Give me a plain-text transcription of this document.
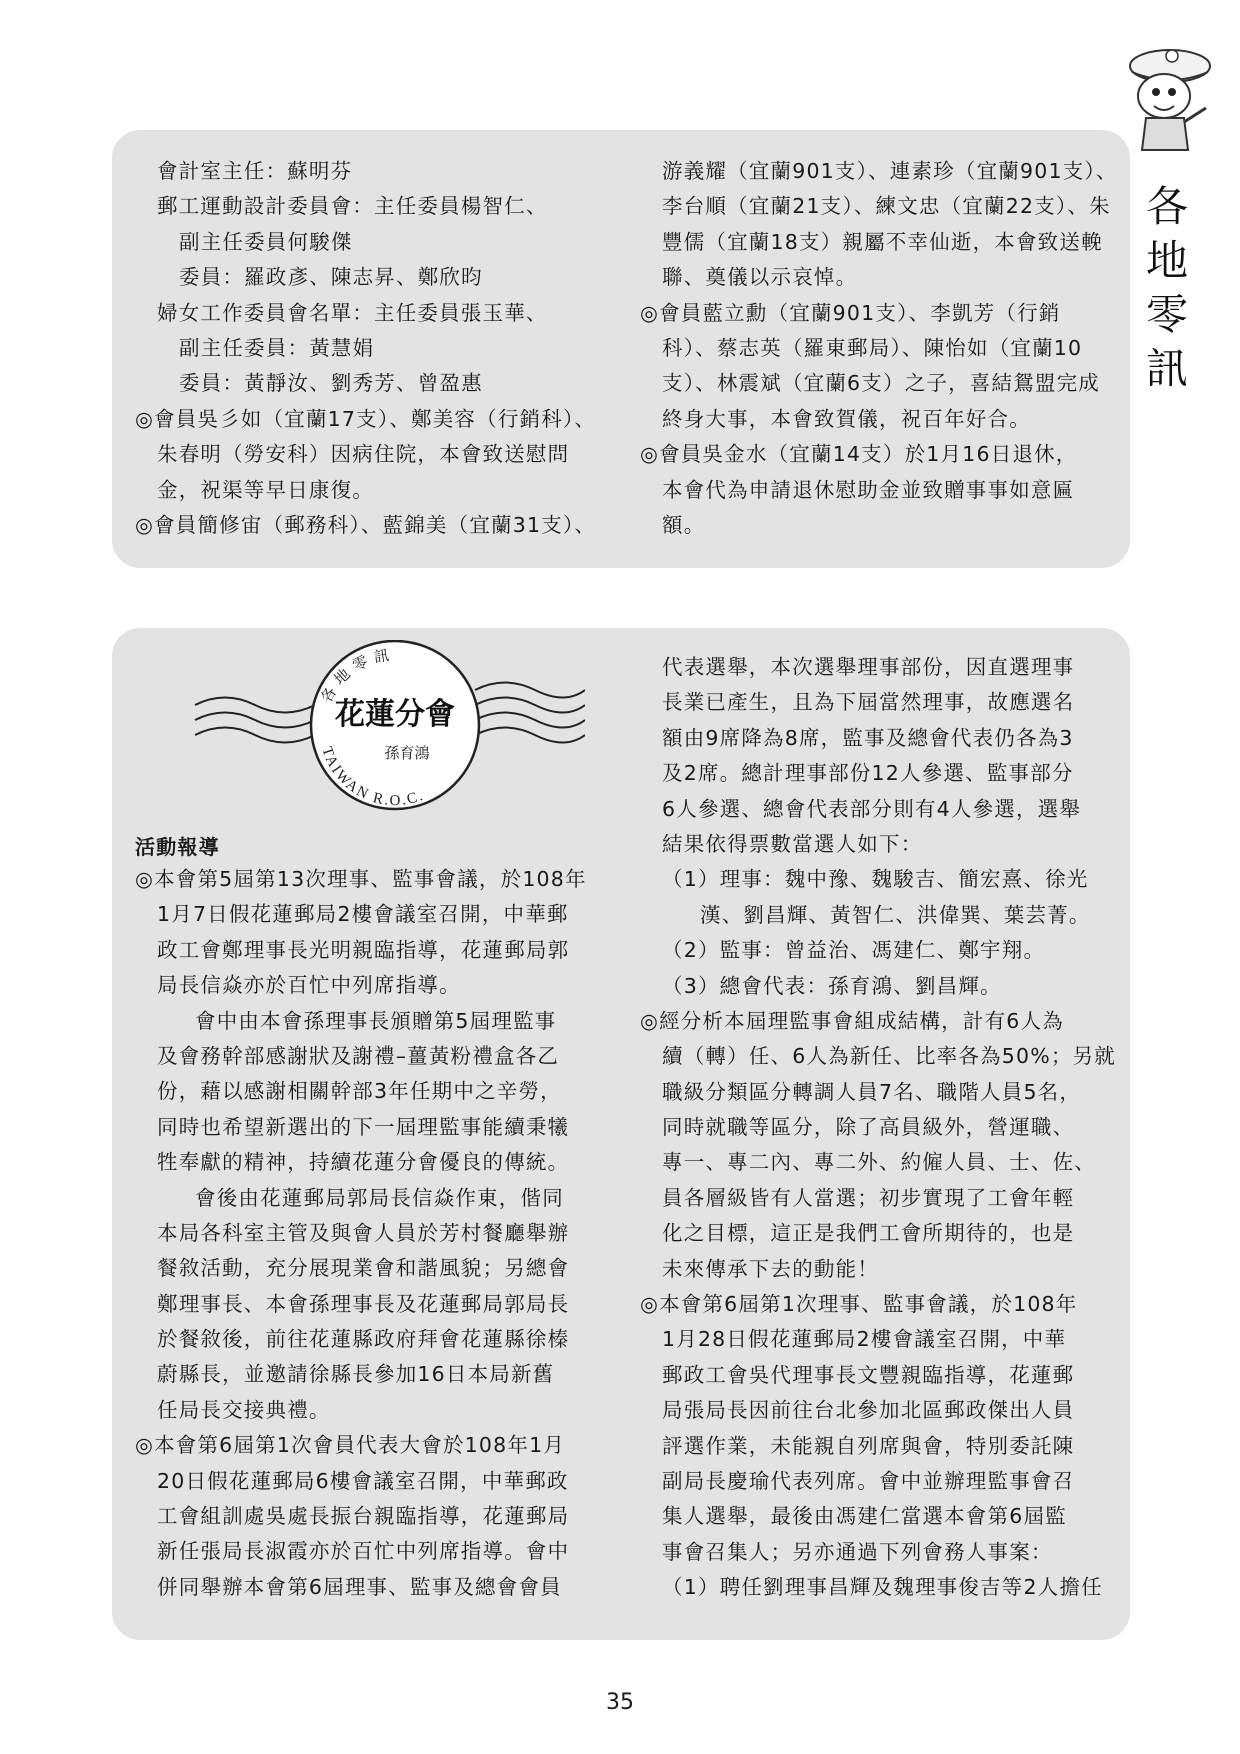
各
地
零
訊
會計室主任：蘇明芬
郵工運動設計委員會：主任委員楊智仁、
副主任委員何駿傑
委員：羅政彥、陳志昇、鄭欣昀
婦女工作委員會名單：主任委員張玉華、
副主任委員：黃慧娟
委員：黃靜汝、劉秀芳、曾盈惠
◎會員吳彡如（宜蘭17支）、鄭美容（行銷科）、
朱春明（勞安科）因病住院，本會致送慰問
金，祝渠等早日康復。
◎會員簡修宙（郵務科）、藍錦美（宜蘭31支）、
游義耀（宜蘭901支）、連素珍（宜蘭901支）、
李台順（宜蘭21支）、練文忠（宜蘭22支）、朱
豐儒（宜蘭18支）親屬不幸仙逝，本會致送輓
聯、奠儀以示哀悼。
◎會員藍立勳（宜蘭901支）、李凱芳（行銷
科）、蔡志英（羅東郵局）、陳怡如（宜蘭10
支）、林震斌（宜蘭6支）之子，喜結鴛盟完成
終身大事，本會致賀儀，祝百年好合。
◎會員吳金水（宜蘭14支）於1月16日退休，
本會代為申請退休慰助金並致贈事事如意匾
額。
各地零訊
花蓮分會
孫育鴻
TAIWAN R.O.C.
活動報導
◎本會第5屆第13次理事、監事會議，於108年
1月7日假花蓮郵局2樓會議室召開，中華郵
政工會鄭理事長光明親臨指導，花蓮郵局郭
局長信焱亦於百忙中列席指導。
會中由本會孫理事長頒贈第5屆理監事
及會務幹部感謝狀及謝禮–薑黃粉禮盒各乙
份，藉以感謝相關幹部3年任期中之辛勞，
同時也希望新選出的下一屆理監事能續秉犧
牲奉獻的精神，持續花蓮分會優良的傳統。
會後由花蓮郵局郭局長信焱作東，偕同
本局各科室主管及與會人員於芳村餐廳舉辦
餐敘活動，充分展現業會和諧風貌；另總會
鄭理事長、本會孫理事長及花蓮郵局郭局長
於餐敘後，前往花蓮縣政府拜會花蓮縣徐榛
蔚縣長，並邀請徐縣長參加16日本局新舊
任局長交接典禮。
◎本會第6屆第1次會員代表大會於108年1月
20日假花蓮郵局6樓會議室召開，中華郵政
工會組訓處吳處長振台親臨指導，花蓮郵局
新任張局長淑霞亦於百忙中列席指導。會中
併同舉辦本會第6屆理事、監事及總會會員
代表選舉，本次選舉理事部份，因直選理事
長業已產生，且為下屆當然理事，故應選名
額由9席降為8席，監事及總會代表仍各為3
及2席。總計理事部份12人參選、監事部分
6人參選、總會代表部分則有4人參選，選舉
結果依得票數當選人如下：
（1）理事：魏中豫、魏駿吉、簡宏熹、徐光
漢、劉昌輝、黃智仁、洪偉巽、葉芸菁。
（2）監事：曾益治、馮建仁、鄭宇翔。
（3）總會代表：孫育鴻、劉昌輝。
◎經分析本屆理監事會組成結構，計有6人為
續（轉）任、6人為新任、比率各為50%；另就
職級分類區分轉調人員7名、職階人員5名，
同時就職等區分，除了高員級外，營運職、
專一、專二內、專二外、約僱人員、士、佐、
員各層級皆有人當選；初步實現了工會年輕
化之目標，這正是我們工會所期待的，也是
未來傳承下去的動能！
◎本會第6屆第1次理事、監事會議，於108年
1月28日假花蓮郵局2樓會議室召開，中華
郵政工會吳代理事長文豐親臨指導，花蓮郵
局張局長因前往台北參加北區郵政傑出人員
評選作業，未能親自列席與會，特別委託陳
副局長慶瑜代表列席。會中並辦理監事會召
集人選舉，最後由馮建仁當選本會第6屆監
事會召集人；另亦通過下列會務人事案：
（1）聘任劉理事昌輝及魏理事俊吉等2人擔任
35
